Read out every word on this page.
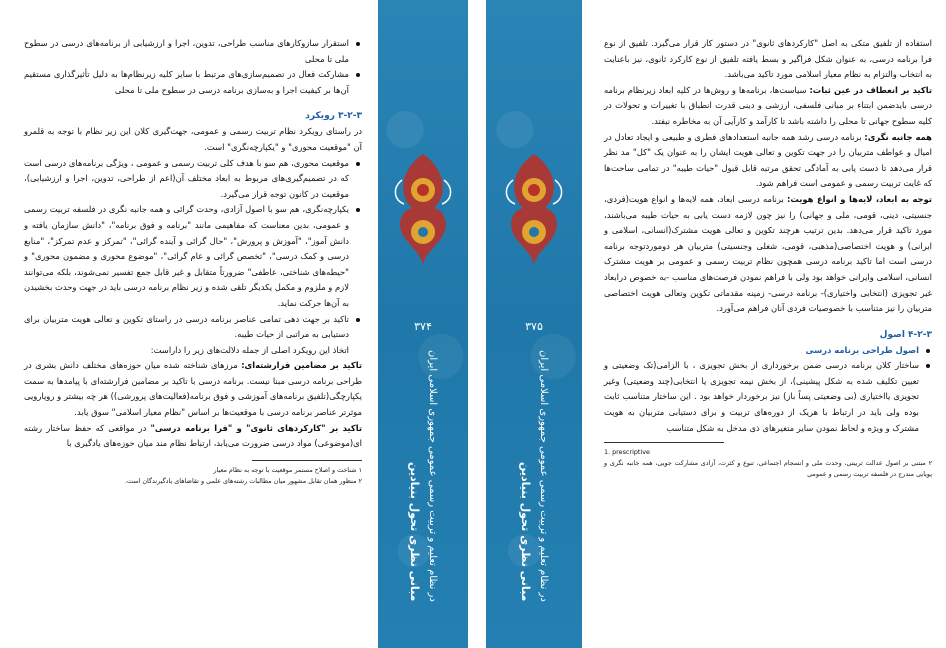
استقرار سازوکارهای مناسب طراحی، تدوین، اجرا و ارزشیابی از برنامه‌های درسی در سطوح ملی تا محلی
مشارکت فعال در تصمیم‌سازی‌های مرتبط با سایر کلیه زیرنظام‌ها به دلیل تأثیرگذاری مستقیم آن‌ها بر کیفیت اجرا و به‌سازی برنامه درسی در سطوح ملی تا محلی
۳-۲-۳ رویکرد

در راستای رویکرد نظام تربیت رسمی و عمومی، جهت‌گیری کلان این زیر نظام با توجه به قلمرو آن "موقعیت محوری" و "یکپارچه‌نگری" است.

موقعیت محوری، هم سو با هدف کلی تربیت رسمی و عمومی ، ویژگی برنامه‌های درسی است که در تصمیم‌گیری‌های مربوط به ابعاد مختلف آن(اعم از طراحی، تدوین، اجرا و ارزشیابی)، موقعیت در کانون توجه قرار می‌گیرد.
یکپارچه‌نگری، هم سو با اصول آزادی، وحدت گرائی و همه جانبه نگری در فلسفه تربیت رسمی و عمومی، بدین معناست که مفاهیمی مانند "برنامه و فوق برنامه"، "دانش سازمان یافته و دانش آموز"، "آموزش و پرورش"، "حال گرائی و آینده گرائی"، "تمرکز و عدم تمرکز"، "منابع درسی و کمک درسی"، "تخصص گرائی و عام گرائی"، "موضوع محوری و مضمون محوری" و "حیطه‌های شناختی، عاطفی" ضرورتاً متقابل و غیر قابل جمع تفسیر نمی‌شوند، بلکه می‌توانند لازم و ملزوم و مکمل یکدیگر تلقی شده و زیر نظام برنامه درسی باید در جهت وحدت بخشیدن به آن‌ها حرکت نماید.
تاکید بر جهت دهی تمامی عناصر برنامه درسی در راستای تکوین و تعالی هویت متربیان برای دستیابی به مراتبی از حیات طیبه.

اتخاذ این رویکرد اصلی از جمله دلالت‌های زیر را داراست:

تاکید بر مضامین فرارشته‌ای: مرزهای شناخته شده میان حوزه‌های مختلف دانش بشری در طراحی برنامه درسی مبنا نیست. برنامه درسی با تاکید بر مضامین فرارشته‌ای با پیامدها به سمت یکپارچگی(تلفیق برنامه‌های آموزشی و فوق برنامه(فعالیت‌های پرورشی)) هر چه بیشتر و رویارویی موثرتر عناصر برنامه درسی با موقعیت‌ها بر اساس "نظام معیار اسلامی" سوق یابد.

تاکید بر "کارکردهای ثانوی" و "فرا برنامه درسی" در مواقعی که حفظ ساختار رشته ای(موضوعی) مواد درسی ضرورت می‌یابد، ارتباط نظام مند میان حوزه‌های یادگیری با

۱ شناخت و اصلاح مستمر موقعیت با توجه به نظام معیار

۲ منظور همان تقابل مشهور میان مطالبات رشته‌های علمی و تقاضاهای یادگیرندگان است.

۳۷۴
مبانی نظری تحول بنیادین در نظام تعلیم و تربیت رسمی عمومی جمهوری اسلامی ایران
۳۷۵
مبانی نظری تحول بنیادین در نظام تعلیم و تربیت رسمی عمومی جمهوری اسلامی ایران

استفاده از تلفیق متکی به اصل "کارکردهای ثانوی" در دستور کار قرار می‌گیرد. تلفیق از نوع فرا برنامه درسی، به عنوان شکل فراگیر و بسط یافته تلفیق از نوع کارکرد ثانوی، نیز باعنایت به انتخاب والتزام به نظام معیار اسلامی مورد تاکید می‌باشد.

تاکید بر انعطاف در عین ثبات: سیاست‌ها، برنامه‌ها و روش‌ها در کلیه ابعاد زیرنظام برنامه درسی بایدضمن ابتناء بر مبانی فلسفی، ارزشی و دینی قدرت انطباق با تغییرات و تحولات در کلیه سطوح جهانی تا محلی را داشته باشد تا کارآمد و کارآیی آن به مخاطره نیفتد.

همه جانبه نگری: برنامه درسی رشد همه جانبه استعدادهای فطری و طبیعی و ایجاد تعادل در امیال و عواطف متربیان را در جهت تکوین و تعالی هویت ایشان را به عنوان یک "کل" مد نظر قرار می‌دهد تا دست یابی به آمادگی تحقق مرتبه قابل قبول "حیات طیبه" در تمامی ساحت‌ها که غایت تربیت رسمی و عمومی است فراهم شود.

توجه به ابعاد، لایه‌ها و انواع هویت: برنامه درسی ابعاد، همه لایه‌ها و انواع هویت(فردی، جنسیتی، دینی، قومی، ملی و جهانی) را نیز چون لازمه دست یابی به حیات طیبه می‌باشند، مورد تاکید قرار می‌دهد. بدین ترتیب هرچند تکوین و تعالی هویت مشترک(انسانی، اسلامی و ایرانی) و هویت اختصاصی(مذهبی، قومی، شغلی وجنسیتی) متربیان هر دوموردتوجه برنامه درسی است اما تاکید برنامه درسی همچون نظام تربیت رسمی و عمومی بر هویت مشترک انسانی، اسلامی وایرانی خواهد بود ولی با فراهم نمودن فرصت‌های مناسب -به خصوص درابعاد غیر تجویزی (انتخابی واختیاری)- برنامه درسی- زمینه مقدماتی تکوین وتعالی هویت اختصاصی متربیان را نیز متناسب با خصوصیات فردی آنان فراهم می‌آورد.

۴-۲-۳ اصول
اصول طراحی برنامه درسی
ساختار کلان برنامه درسی ضمن برخورداری از بخش تجویزی ، با الزامی(تک وضعیتی و تعیین تکلیف شده به شکل پیشینی)، از بخش نیمه تجویزی یا انتخابی(چند وضعیتی) وغیر تجویزی یااختیاری (بی وضعیتی پساً باز) نیز برخوردار خواهد بود . این ساختار متناسب ثابت بوده ولی باید در ارتباط با هریک از دوره‌های تربیت و برای دستیابی متربیان به هویت مشترک و ویژه و لحاظ نمودن سایر متغیرهای ذی مدخل به شکل متناسب

1. prescriptive

۲ مبتنی بر اصول عدالت تربیتی، وحدت ملی و انسجام اجتماعی، تنوع و کثرت، آزادی مشارکت جویی، همه جانبه نگری و پویایی مندرج در فلسفه تربیت رسمی و عمومی
